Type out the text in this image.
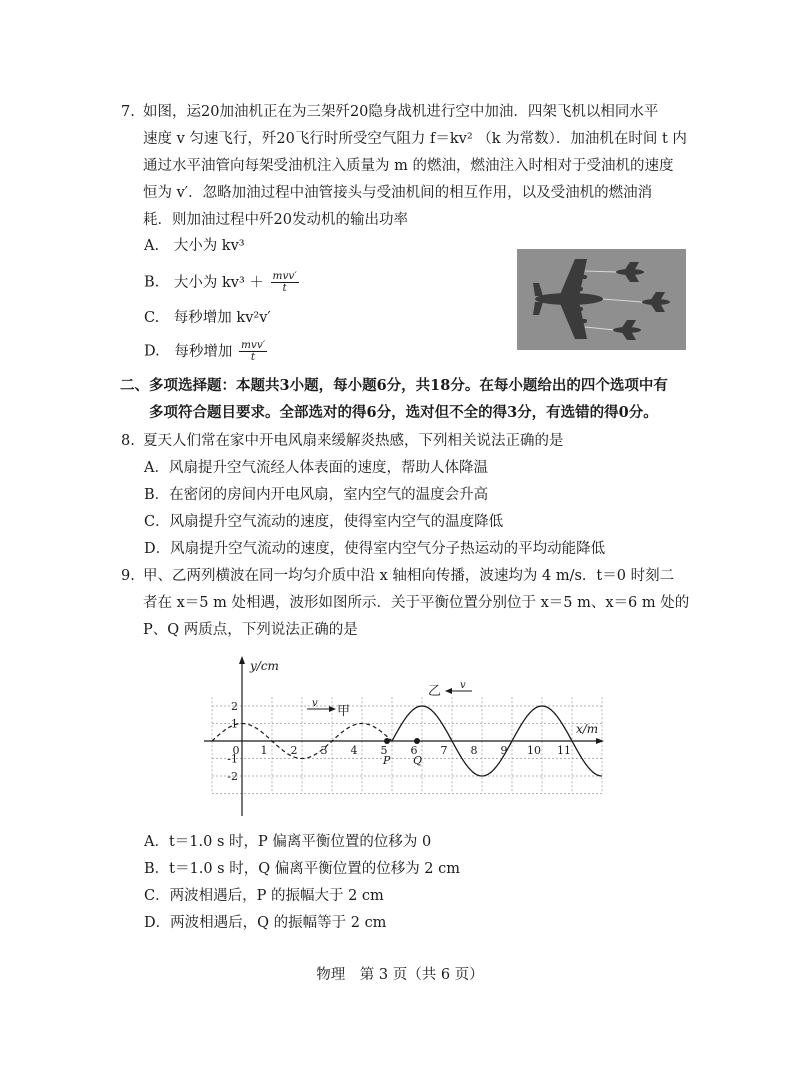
7. 如图，运20加油机正在为三架歼20隐身战机进行空中加油．四架飞机以相同水平
速度 v 匀速飞行，歼20飞行时所受空气阻力 f＝kv² （k 为常数）．加油机在时间 t 内
通过水平油管向每架受油机注入质量为 m 的燃油，燃油注入时相对于受油机的速度
恒为 v′．忽略加油过程中油管接头与受油机间的相互作用，以及受油机的燃油消
耗．则加油过程中歼20发动机的输出功率
A. 大小为 kv³
B. 大小为 $kv^3 + \frac{\text{mvv′}}{t}$
C. 每秒增加 kv²v′
D. 每秒增加 $\frac{\text{mvv′}}{t}$
二、多项选择题：本题共3小题，每小题6分，共18分。在每小题给出的四个选项中有
多项符合题目要求。全部选对的得6分，选对但不全的得3分，有选错的得0分。
8. 夏天人们常在家中开电风扇来缓解炎热感，下列相关说法正确的是
A．风扇提升空气流经人体表面的速度，帮助人体降温
B．在密闭的房间内开电风扇，室内空气的温度会升高
C．风扇提升空气流动的速度，使得室内空气的温度降低
D．风扇提升空气流动的速度，使得室内空气分子热运动的平均动能降低
9. 甲、乙两列横波在同一均匀介质中沿 x 轴相向传播，波速均为 4 m/s．t＝0 时刻二
者在 x＝5 m 处相遇，波形如图所示．关于平衡位置分别位于 x＝5 m、x＝6 m 处的
P、Q 两质点，下列说法正确的是
y/cm
x/m
2
1
-1
-2
0 1 2 3 4 5 6 7 8 9 10 11
v
甲
乙 v
P Q
A．t＝1.0 s 时，P 偏离平衡位置的位移为 0
B．t＝1.0 s 时，Q 偏离平衡位置的位移为 2 cm
C．两波相遇后，P 的振幅大于 2 cm
D．两波相遇后，Q 的振幅等于 2 cm
物理　第 3 页（共 6 页）
